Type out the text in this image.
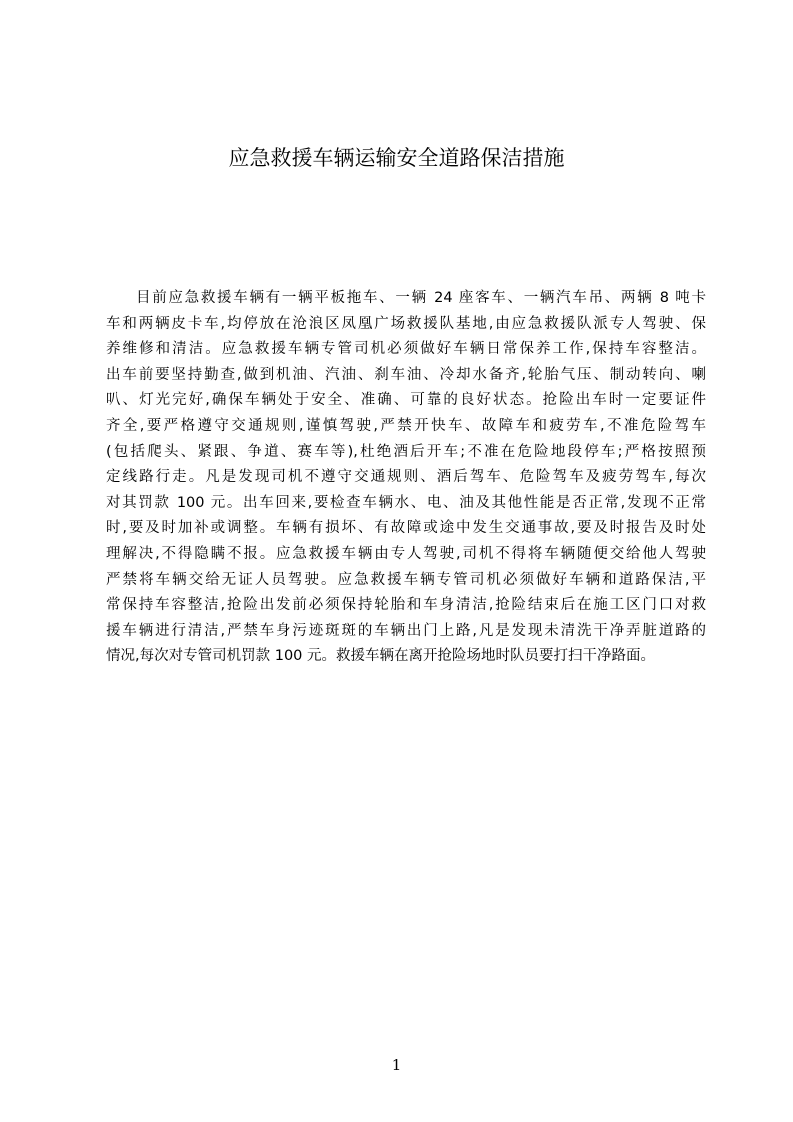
应急救援车辆运输安全道路保洁措施
目前应急救援车辆有一辆平板拖车、一辆 24 座客车、一辆汽车吊、两辆 8 吨卡
车和两辆皮卡车,均停放在沧浪区凤凰广场救援队基地,由应急救援队派专人驾驶、保
养维修和清洁。应急救援车辆专管司机必须做好车辆日常保养工作,保持车容整洁。
出车前要坚持勤查,做到机油、汽油、刹车油、冷却水备齐,轮胎气压、制动转向、喇
叭、灯光完好,确保车辆处于安全、准确、可靠的良好状态。抢险出车时一定要证件
齐全,要严格遵守交通规则,谨慎驾驶,严禁开快车、故障车和疲劳车,不准危险驾车
(包括爬头、紧跟、争道、赛车等),杜绝酒后开车;不准在危险地段停车;严格按照预
定线路行走。凡是发现司机不遵守交通规则、酒后驾车、危险驾车及疲劳驾车,每次
对其罚款 100 元。出车回来,要检查车辆水、电、油及其他性能是否正常,发现不正常
时,要及时加补或调整。车辆有损坏、有故障或途中发生交通事故,要及时报告及时处
理解决,不得隐瞒不报。应急救援车辆由专人驾驶,司机不得将车辆随便交给他人驾驶
严禁将车辆交给无证人员驾驶。应急救援车辆专管司机必须做好车辆和道路保洁,平
常保持车容整洁,抢险出发前必须保持轮胎和车身清洁,抢险结束后在施工区门口对救
援车辆进行清洁,严禁车身污迹斑斑的车辆出门上路,凡是发现未清洗干净弄脏道路的
情况,每次对专管司机罚款 100 元。救援车辆在离开抢险场地时队员要打扫干净路面。
1
